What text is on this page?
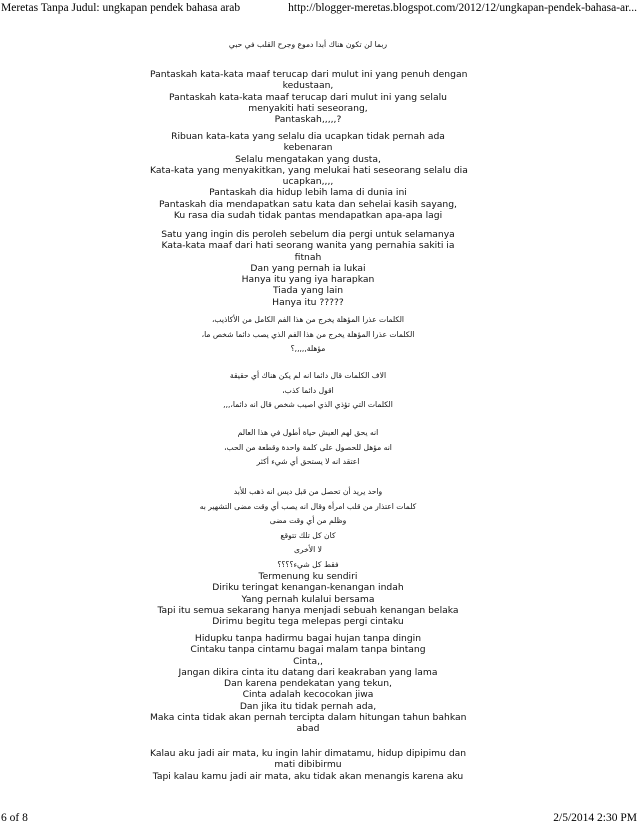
Meretas Tanpa Judul: ungkapan pendek bahasa arab	http://blogger-meretas.blogspot.com/2012/12/ungkapan-pendek-bahasa-ar...
ربما لن تكون هناك أبدا دموع وجرح القلب في حبي
Pantaskah kata-kata maaf terucap dari mulut ini yang penuh dengan
kedustaan,
Pantaskah kata-kata maaf terucap dari mulut ini yang selalu
menyakiti hati seseorang,
Pantaskah,,,,,?
Ribuan kata-kata yang selalu dia ucapkan tidak pernah ada
kebenaran
Selalu mengatakan yang dusta,
Kata-kata yang menyakitkan, yang melukai hati seseorang selalu dia
ucapkan,,,,
Pantaskah dia hidup lebih lama di dunia ini
Pantaskah dia mendapatkan satu kata dan sehelai kasih sayang,
Ku rasa dia sudah tidak pantas mendapatkan apa-apa lagi
Satu yang ingin dis peroleh sebelum dia pergi untuk selamanya
Kata-kata maaf dari hati seorang wanita yang pernahia sakiti ia
fitnah
Dan yang pernah ia lukai
Hanya itu yang iya harapkan
Tiada yang lain
Hanya itu ?????
الكلمات عذرا المؤهلة يخرج من هذا الفم الكامل من الأكاذيب،
الكلمات عذرا المؤهلة يخرج من هذا الفم الذي يصب دائما شخص ما،
مؤهلة,,,,,؟
الاف الكلمات قال دائما انه لم يكن هناك أي حقيقة
اقول دائما كذب،
الكلمات التي تؤذي الذي اصيب شخص قال انه دائما،,,,
انه يحق لهم العيش حياة أطول في هذا العالم
انه مؤهل للحصول على كلمة واحدة وقطعة من الحب،
اعتقد انه لا يستحق أي شيء أكثر
واحد يريد أن تحصل من قبل ديس انه ذهب للأبد
كلمات اعتذار من قلب امرأة وقال انه يصب أي وقت مضى التشهير به
وظلم من أي وقت مضى
كان كل تلك تتوقع
لا الأخرى
فقط كل شيء؟؟؟؟
Termenung ku sendiri
Diriku teringat kenangan-kenangan indah
Yang pernah kulalui bersama
Tapi itu semua sekarang hanya menjadi sebuah kenangan belaka
Dirimu begitu tega melepas pergi cintaku
Hidupku tanpa hadirmu bagai hujan tanpa dingin
Cintaku tanpa cintamu bagai malam tanpa bintang
Cinta,,
Jangan dikira cinta itu datang dari keakraban yang lama
Dan karena pendekatan yang tekun,
Cinta adalah kecocokan jiwa
Dan jika itu tidak pernah ada,
Maka cinta tidak akan pernah tercipta dalam hitungan tahun bahkan
abad
Kalau aku jadi air mata, ku ingin lahir dimatamu, hidup dipipimu dan
mati dibibirmu
Tapi kalau kamu jadi air mata, aku tidak akan menangis karena aku
6 of 8	2/5/2014 2:30 PM
